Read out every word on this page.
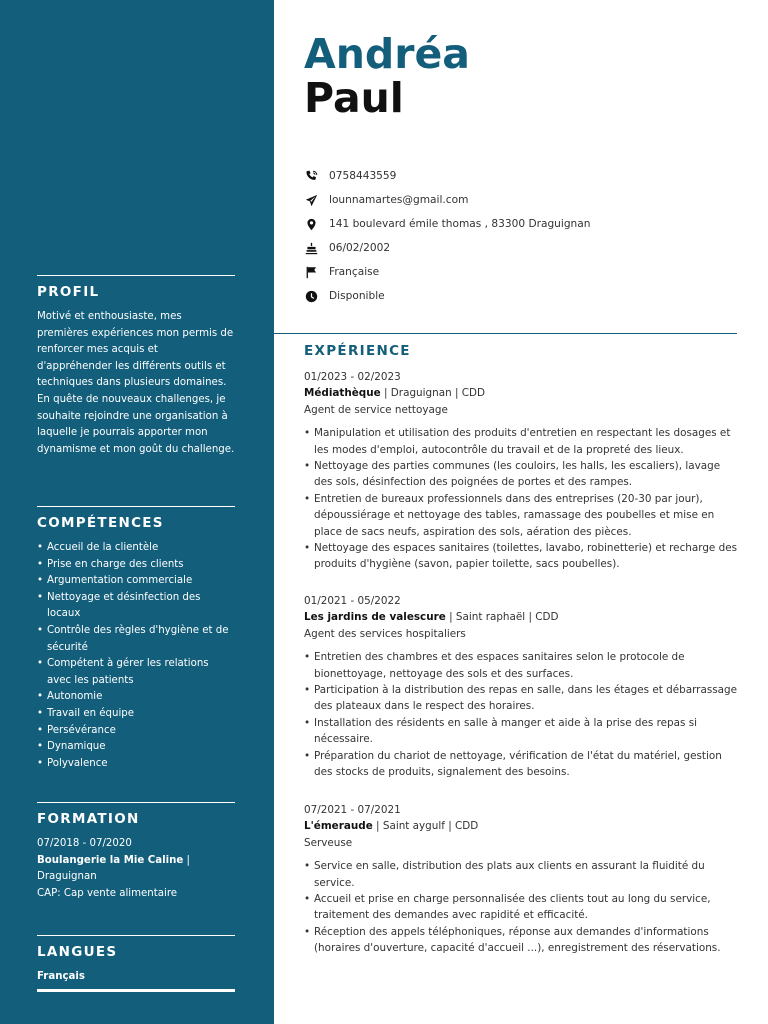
PROFIL

Motivé et enthousiaste, mes premières expériences mon permis de renforcer mes acquis et d'appréhender les différents outils et techniques dans plusieurs domaines. En quête de nouveaux challenges, je souhaite rejoindre une organisation à laquelle je pourrais apporter mon dynamisme et mon goût du challenge.

COMPÉTENCES
• Accueil de la clientèle
• Prise en charge des clients
• Argumentation commerciale
• Nettoyage et désinfection des locaux
• Contrôle des règles d'hygiène et de sécurité
• Compétent à gérer les relations avec les patients
• Autonomie
• Travail en équipe
• Persévérance
• Dynamique
• Polyvalence
FORMATION
07/2018 - 07/2020
Boulangerie la Mie Caline |
Draguignan
CAP: Cap vente alimentaire
LANGUES
Français
Andréa
Paul
0758443559
lounnamartes@gmail.com
141 boulevard émile thomas , 83300 Draguignan
06/02/2002
Française
Disponible
EXPÉRIENCE
01/2023 - 02/2023
Médiathèque | Draguignan | CDD
Agent de service nettoyage
• Manipulation et utilisation des produits d'entretien en respectant les dosages et les modes d'emploi, autocontrôle du travail et de la propreté des lieux.
• Nettoyage des parties communes (les couloirs, les halls, les escaliers), lavage des sols, désinfection des poignées de portes et des rampes.
• Entretien de bureaux professionnels dans des entreprises (20-30 par jour), dépoussiérage et nettoyage des tables, ramassage des poubelles et mise en place de sacs neufs, aspiration des sols, aération des pièces.
• Nettoyage des espaces sanitaires (toilettes, lavabo, robinetterie) et recharge des produits d'hygiène (savon, papier toilette, sacs poubelles).
01/2021 - 05/2022
Les jardins de valescure | Saint raphaël | CDD
Agent des services hospitaliers
• Entretien des chambres et des espaces sanitaires selon le protocole de bionettoyage, nettoyage des sols et des surfaces.
• Participation à la distribution des repas en salle, dans les étages et débarrassage des plateaux dans le respect des horaires.
• Installation des résidents en salle à manger et aide à la prise des repas si nécessaire.
• Préparation du chariot de nettoyage, vérification de l'état du matériel, gestion des stocks de produits, signalement des besoins.
07/2021 - 07/2021
L'émeraude | Saint aygulf | CDD
Serveuse
• Service en salle, distribution des plats aux clients en assurant la fluidité du service.
• Accueil et prise en charge personnalisée des clients tout au long du service, traitement des demandes avec rapidité et efficacité.
• Réception des appels téléphoniques, réponse aux demandes d'informations (horaires d'ouverture, capacité d'accueil ...), enregistrement des réservations.
